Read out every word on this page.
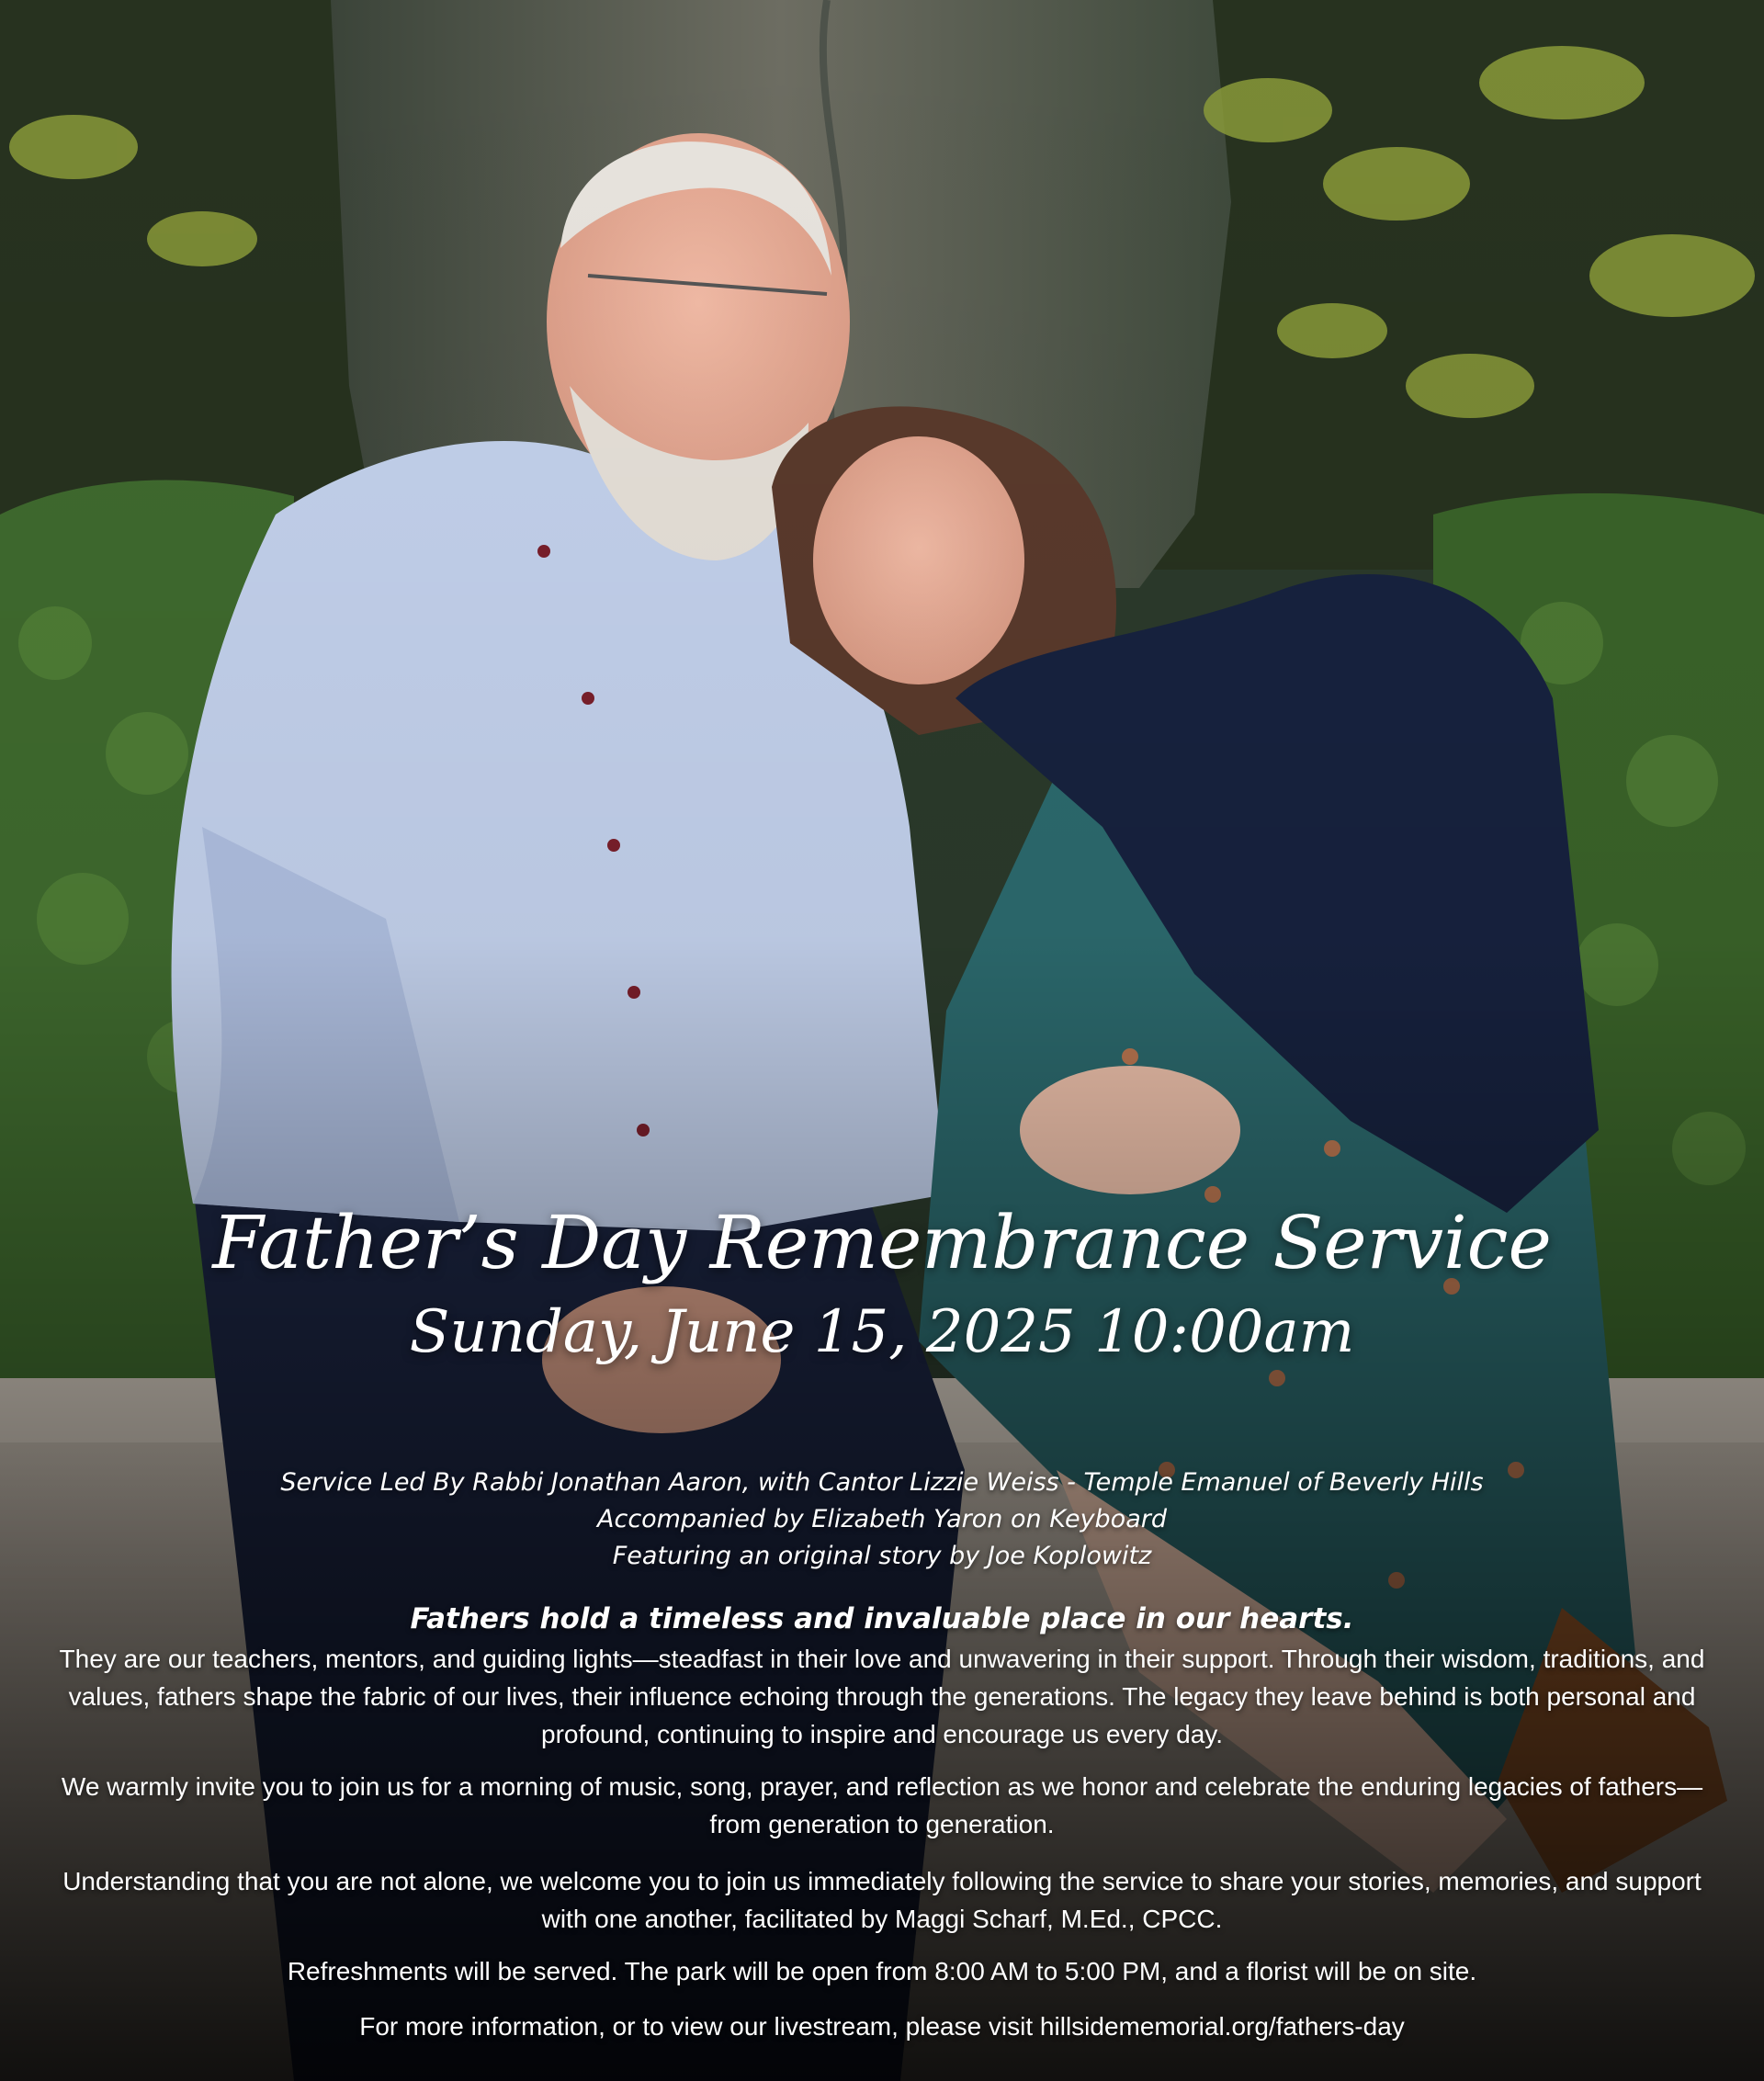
Father’s Day Remembrance Service
Sunday, June 15, 2025 10:00am
Service Led By Rabbi Jonathan Aaron, with Cantor Lizzie Weiss - Temple Emanuel of Beverly Hills
Accompanied by Elizabeth Yaron on Keyboard
Featuring an original story by Joe Koplowitz
Fathers hold a timeless and invaluable place in our hearts.
They are our teachers, mentors, and guiding lights—steadfast in their love and unwavering in their support. Through their wisdom, traditions, and values, fathers shape the fabric of our lives, their influence echoing through the generations. The legacy they leave behind is both personal and profound, continuing to inspire and encourage us every day.
We warmly invite you to join us for a morning of music, song, prayer, and reflection as we honor and celebrate the enduring legacies of fathers—from generation to generation.
Understanding that you are not alone, we welcome you to join us immediately following the service to share your stories, memories, and support with one another, facilitated by Maggi Scharf, M.Ed., CPCC.
Refreshments will be served. The park will be open from 8:00 AM to 5:00 PM, and a florist will be on site.
For more information, or to view our livestream, please visit hillsidememorial.org/fathers-day
